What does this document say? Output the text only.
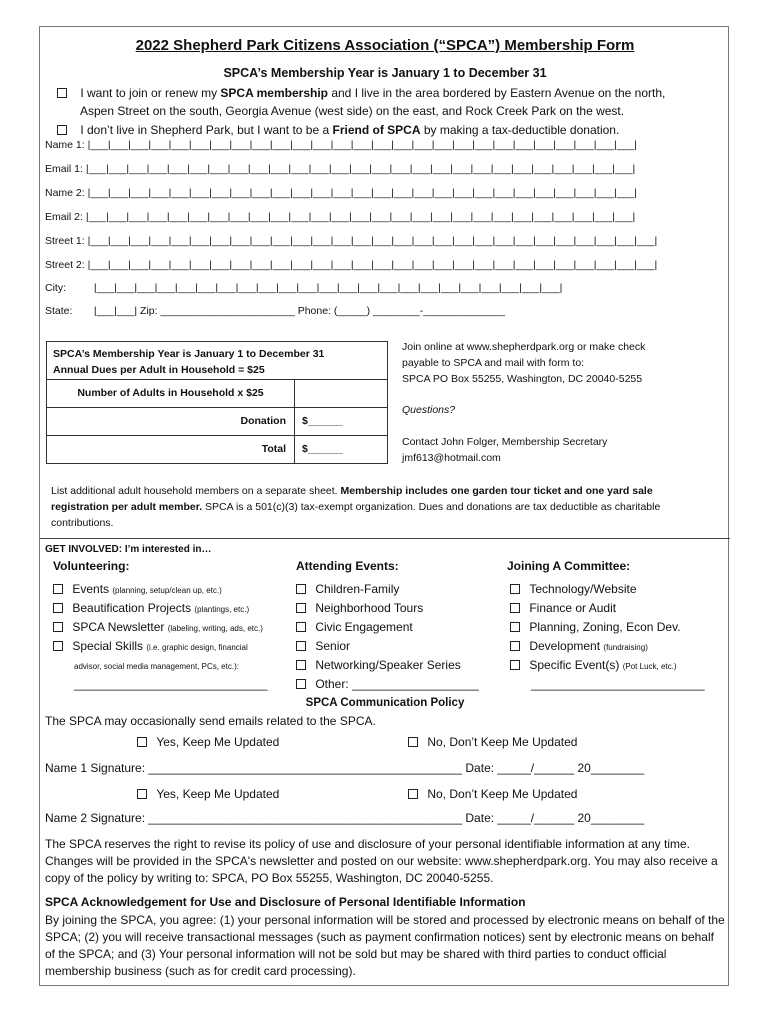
2022 Shepherd Park Citizens Association (“SPCA”) Membership Form
SPCA’s Membership Year is January 1 to December 31
I want to join or renew my SPCA membership and I live in the area bordered by Eastern Avenue on the north,
Aspen Street on the south, Georgia Avenue (west side) on the east, and Rock Creek Park on the west.
I don’t live in Shepherd Park, but I want to be a Friend of SPCA by making a tax-deductible donation.
Name 1: |___|___|___|___|___|___|___|___|___|___|___|___|___|___|___|___|___|___|___|___|___|___|___|___|___|___|___|
Email 1: |___|___|___|___|___|___|___|___|___|___|___|___|___|___|___|___|___|___|___|___|___|___|___|___|___|___|___|
Name 2: |___|___|___|___|___|___|___|___|___|___|___|___|___|___|___|___|___|___|___|___|___|___|___|___|___|___|___|
Email 2: |___|___|___|___|___|___|___|___|___|___|___|___|___|___|___|___|___|___|___|___|___|___|___|___|___|___|___|
Street 1: |___|___|___|___|___|___|___|___|___|___|___|___|___|___|___|___|___|___|___|___|___|___|___|___|___|___|___|___|
Street 2: |___|___|___|___|___|___|___|___|___|___|___|___|___|___|___|___|___|___|___|___|___|___|___|___|___|___|___|___|
City:	|___|___|___|___|___|___|___|___|___|___|___|___|___|___|___|___|___|___|___|___|___|___|___|
State: |___|___| Zip: _______________________ Phone: (_____) ________-______________
SPCA’s Membership Year is January 1 to December 31
Annual Dues per Adult in Household = $25
Number of Adults in Household x $25
Donation	$______
Total	$______
Join online at www.shepherdpark.org or make check
payable to SPCA and mail with form to:
SPCA PO Box 55255, Washington, DC 20040-5255
Questions?
Contact John Folger, Membership Secretary
jmf613@hotmail.com
List additional adult household members on a separate sheet. Membership includes one garden tour ticket and one yard sale
registration per adult member. SPCA is a 501(c)(3) tax-exempt organization. Dues and donations are tax deductible as charitable
contributions.
GET INVOLVED: I’m interested in…
Volunteering:
Events (planning, setup/clean up, etc.)
Beautification Projects (plantings, etc.)
SPCA Newsletter (labeling, writing, ads, etc.)
Special Skills (i.e. graphic design, financial
advisor, social media management, PCs, etc.):
_____________________________
Attending Events:
Children-Family
Neighborhood Tours
Civic Engagement
Senior
Networking/Speaker Series
Other: ___________________
Joining A Committee:
Technology/Website
Finance or Audit
Planning, Zoning, Econ Dev.
Development (fundraising)
Specific Event(s) (Pot Luck, etc.)
__________________________
SPCA Communication Policy
The SPCA may occasionally send emails related to the SPCA.
Yes, Keep Me Updated	No, Don’t Keep Me Updated
Name 1 Signature: _______________________________________________ Date: _____/______ 20________
Yes, Keep Me Updated	No, Don’t Keep Me Updated
Name 2 Signature: _______________________________________________ Date: _____/______ 20________
The SPCA reserves the right to revise its policy of use and disclosure of your personal identifiable information at any time. Changes will be provided in the SPCA's newsletter and posted on our website: www.shepherdpark.org. You may also receive a copy of the policy by writing to: SPCA, PO Box 55255, Washington, DC 20040-5255.
SPCA Acknowledgement for Use and Disclosure of Personal Identifiable Information
By joining the SPCA, you agree: (1) your personal information will be stored and processed by electronic means on behalf of the SPCA; (2) you will receive transactional messages (such as payment confirmation notices) sent by electronic means on behalf of the SPCA; and (3) Your personal information will not be sold but may be shared with third parties to conduct official membership business (such as for credit card processing).
